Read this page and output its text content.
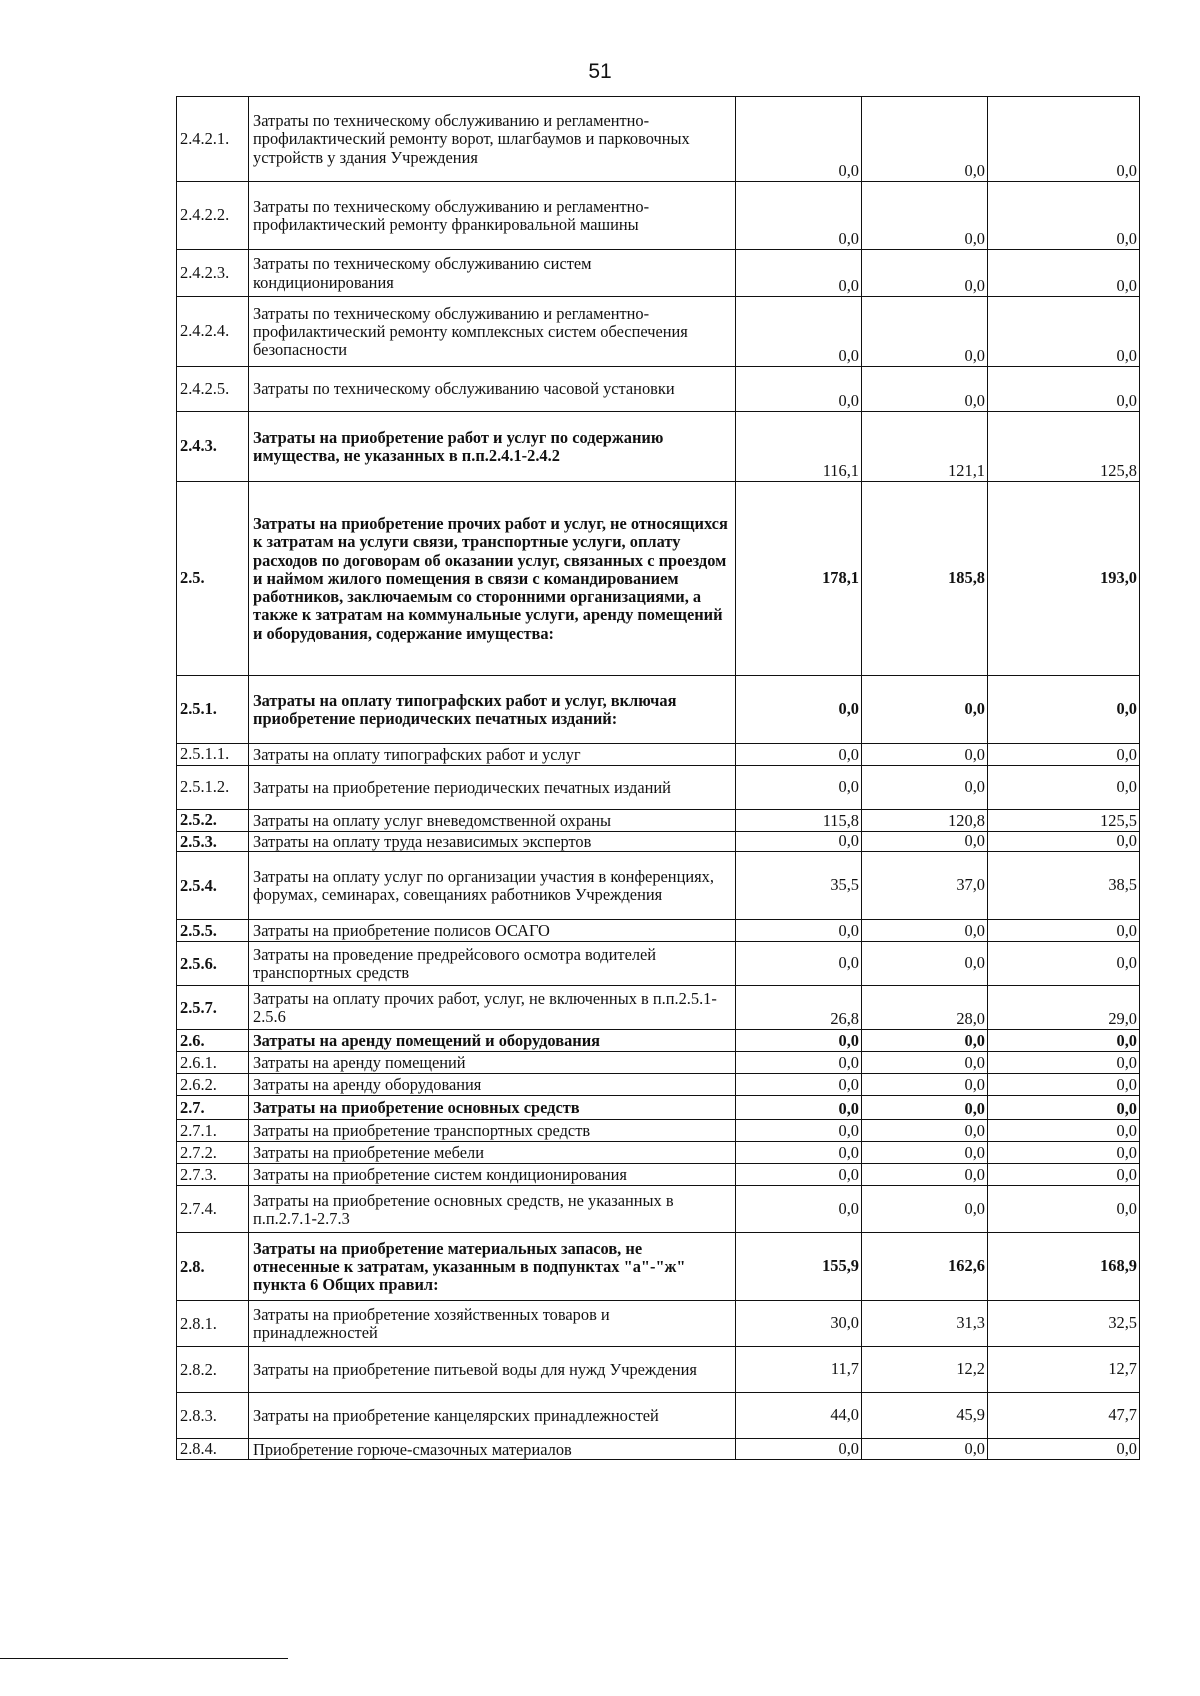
51
2.4.2.1.	Затраты по техническому обслуживанию и регламентно-профилактический ремонту ворот, шлагбаумов и парковочных устройств у здания Учреждения	0,0	0,0	0,0
2.4.2.2.	Затраты по техническому обслуживанию и регламентно-профилактический ремонту франкировальной машины	0,0	0,0	0,0
2.4.2.3.	Затраты по техническому обслуживанию систем кондиционирования	0,0	0,0	0,0
2.4.2.4.	Затраты по техническому обслуживанию и регламентно-профилактический ремонту комплексных систем обеспечения безопасности	0,0	0,0	0,0
2.4.2.5.	Затраты по техническому обслуживанию часовой установки	0,0	0,0	0,0
2.4.3.	Затраты на приобретение работ и услуг по содержанию имущества, не указанных в п.п.2.4.1-2.4.2	116,1	121,1	125,8
2.5.	Затраты на приобретение прочих работ и услуг, не относящихся к затратам на услуги связи, транспортные услуги, оплату расходов по договорам об оказании услуг, связанных с проездом и наймом жилого помещения в связи с командированием работников, заключаемым со сторонними организациями, а также к затратам на коммунальные услуги, аренду помещений и оборудования, содержание имущества:	178,1	185,8	193,0
2.5.1.	Затраты на оплату типографских работ и услуг, включая приобретение периодических печатных изданий:	0,0	0,0	0,0
2.5.1.1.	Затраты на оплату типографских работ и услуг	0,0	0,0	0,0
2.5.1.2.	Затраты на приобретение периодических печатных изданий	0,0	0,0	0,0
2.5.2.	Затраты на оплату услуг вневедомственной охраны	115,8	120,8	125,5
2.5.3.	Затраты на оплату труда независимых экспертов	0,0	0,0	0,0
2.5.4.	Затраты на оплату услуг по организации участия в конференциях, форумах, семинарах, совещаниях работников Учреждения	35,5	37,0	38,5
2.5.5.	Затраты на приобретение полисов ОСАГО	0,0	0,0	0,0
2.5.6.	Затраты на проведение предрейсового осмотра водителей транспортных средств	0,0	0,0	0,0
2.5.7.	Затраты на оплату прочих работ, услуг, не включенных в п.п.2.5.1-2.5.6	26,8	28,0	29,0
2.6.	Затраты на аренду помещений и оборудования	0,0	0,0	0,0
2.6.1.	Затраты на аренду помещений	0,0	0,0	0,0
2.6.2.	Затраты на аренду оборудования	0,0	0,0	0,0
2.7.	Затраты на приобретение основных средств	0,0	0,0	0,0
2.7.1.	Затраты на приобретение транспортных средств	0,0	0,0	0,0
2.7.2.	Затраты на приобретение мебели	0,0	0,0	0,0
2.7.3.	Затраты на приобретение систем кондиционирования	0,0	0,0	0,0
2.7.4.	Затраты на приобретение основных средств, не указанных в п.п.2.7.1-2.7.3	0,0	0,0	0,0
2.8.	Затраты на приобретение материальных запасов, не отнесенные к затратам, указанным в подпунктах "а"-"ж" пункта 6 Общих правил:	155,9	162,6	168,9
2.8.1.	Затраты на приобретение хозяйственных товаров и принадлежностей	30,0	31,3	32,5
2.8.2.	Затраты на приобретение питьевой воды для нужд Учреждения	11,7	12,2	12,7
2.8.3.	Затраты на приобретение канцелярских принадлежностей	44,0	45,9	47,7
2.8.4.	Приобретение горюче-смазочных материалов	0,0	0,0	0,0
